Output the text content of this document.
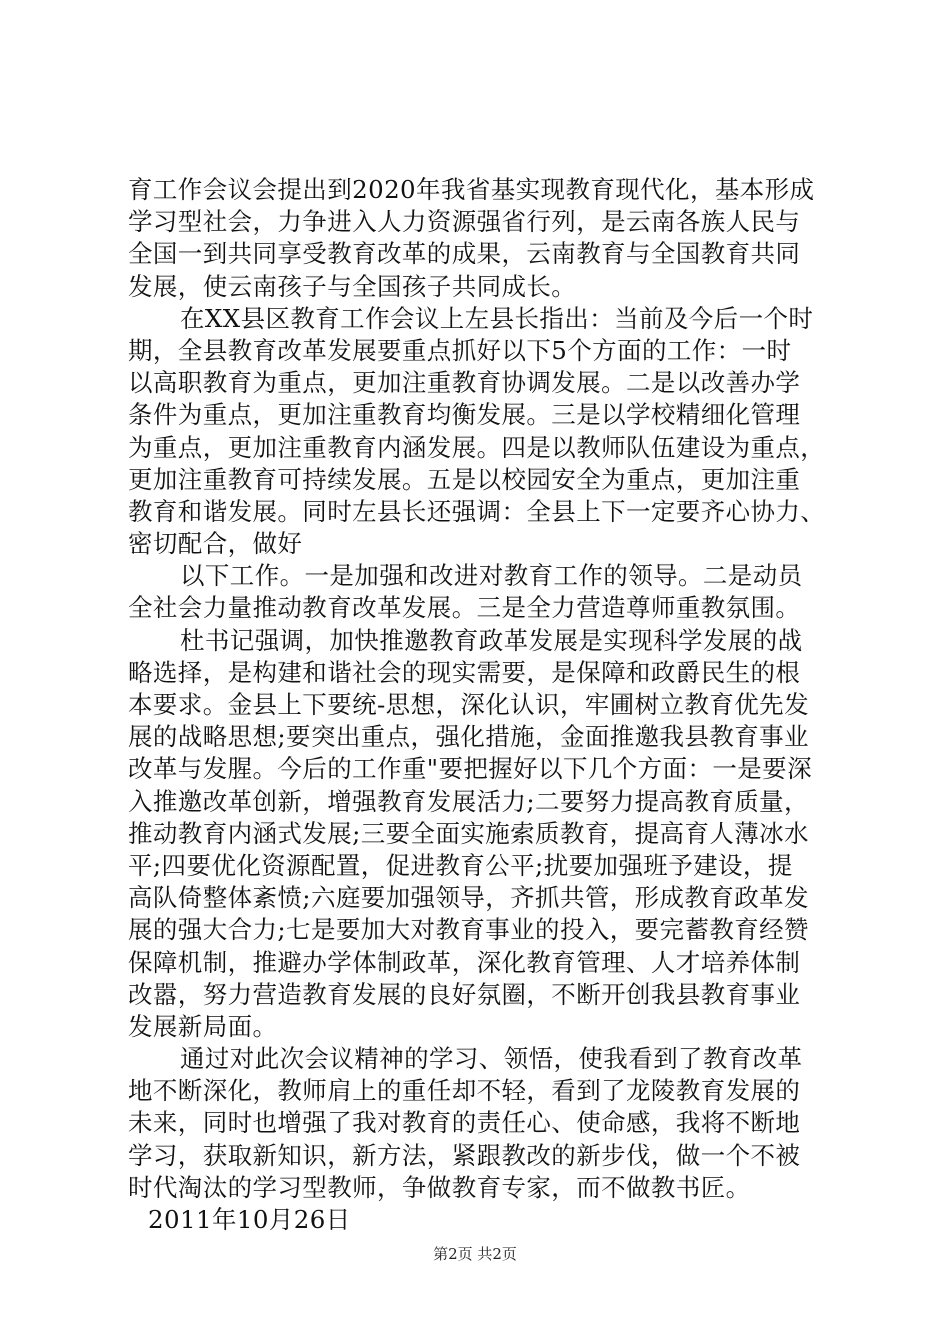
育工作会议会提出到2020年我省基实现教育现代化，基本形成
学习型社会，力争进入人力资源强省行列，是云南各族人民与
全国一到共同享受教育改革的成果，云南教育与全国教育共同
发展，使云南孩子与全国孩子共同成长。
在XX县区教育工作会议上左县长指出：当前及今后一个时
期，全县教育改革发展要重点抓好以下5个方面的工作：一时
以高职教育为重点，更加注重教育协调发展。二是以改善办学
条件为重点，更加注重教育均衡发展。三是以学校精细化管理
为重点，更加注重教育内涵发展。四是以教师队伍建设为重点，
更加注重教育可持续发展。五是以校园安全为重点，更加注重
教育和谐发展。同时左县长还强调：全县上下一定要齐心协力、
密切配合，做好
以下工作。一是加强和改进对教育工作的领导。二是动员
全社会力量推动教育改革发展。三是全力营造尊师重教氛围。
杜书记强调，加快推邀教育政革发展是实现科学发展的战
略选择，是构建和谐社会的现实需要，是保障和政爵民生的根
本要求。金县上下要统-思想，深化认识，牢圃树立教育优先发
展的战略思想;要突出重点，强化措施，金面推邀我县教育事业
改革与发腥。今后的工作重"要把握好以下几个方面：一是要深
入推邀改革创新，增强教育发展活力;二要努力提高教育质量，
推动教育内涵式发展;三要全面实施索质教育，提高育人薄冰水
平;四要优化资源配置，促进教育公平;扰要加强班予建设，提
高队倚整体紊愤;六庭要加强领导，齐抓共管，形成教育政革发
展的强大合力;七是要加大对教育事业的投入，要完蓄教育经赞
保障机制，推避办学体制政革，深化教育管理、人才培养体制
改嚣，努力营造教育发展的良好氛圈，不断开创我县教育事业
发展新局面。
通过对此次会议精神的学习、领悟，使我看到了教育改革
地不断深化，教师肩上的重任却不轻，看到了龙陵教育发展的
未来，同时也增强了我对教育的责任心、使命感，我将不断地
学习，获取新知识，新方法，紧跟教改的新步伐，做一个不被
时代淘汰的学习型教师，争做教育专家，而不做教书匠。
2011年10月26日
第2页 共2页
